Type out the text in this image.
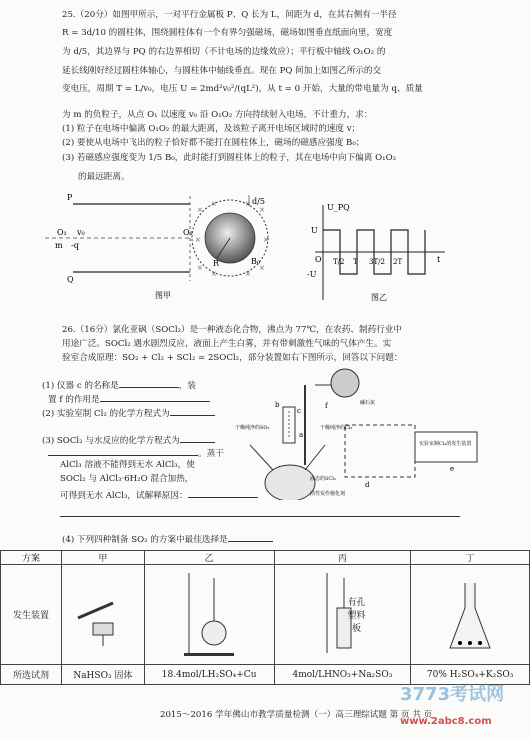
25.（20分）如图甲所示，一对平行金属板 P、Q 长为 L，间距为 d，在其右侧有一半径
R = 3d/10 的圆柱体，围绕圆柱体有一个有界匀强磁场，磁场如图垂直纸面向里，宽度
为 d/5，其边界与 PQ 的右边界相切（不计电场的边缘效应）；平行板中轴线 O₁O₂ 的
延长线刚好经过圆柱体轴心，与圆柱体中轴线垂直。现在 PQ 间加上如图乙所示的交
变电压，周期 T = L/v₀，电压 U = 2md²v₀²/(qL²)，从 t = 0 开始，大量的带电量为 q、质量
为 m 的负粒子，从点 O₁ 以速度 v₀ 沿 O₁O₂ 方向持续射入电场，不计重力，求：
(1) 粒子在电场中偏离 O₁O₂ 的最大距离，及该粒子离开电场区域时的速度 v；
(2) 要使从电场中飞出的粒子恰好都不能打在圆柱体上，磁场的磁感应强度 B₀；
(3) 若磁感应强度变为 1/5 B₀，此时能打到圆柱体上的粒子，其在电场中向下偏离 O₁O₂
的最远距离。
×
×	×
×
×	×
×
×	×
×
P
O₁ v₀
m -q
O₂
d/5
R	B₀
Q
图甲
U_PQ
U
-U
t
O T/2 T 3T/2 2T
图乙
26.（16分）氯化亚砜（SOCl₂）是一种液态化合物，沸点为 77℃，在农药、制药行业中
用途广泛。SOCl₂ 遇水剧烈反应，液面上产生白雾，并有带刺激性气味的气体产生。实
验室合成原理：SO₂ + Cl₂ + SCl₂ = 2SOCl₂，部分装置如右下图所示，回答以下问题：
(1) 仪器 c 的名称是	，装
置 f 的作用是
(2) 实验室制 Cl₂ 的化学方程式为
(3) SOCl₂ 与水反应的化学方程式为
。蒸干
AlCl₃ 溶液不能得到无水 AlCl₃，使
SOCl₂ 与 AlCl₃·6H₂O 混合加热，
可得到无水 AlCl₃，试解释原因：
f	碱石灰
b
c
干燥纯净的SO₂	干燥纯净的Cl₂
a
d
e
液态的SCl₂
活性炭作催化剂
实验室制Cl₂的发生装置
(4) 下列四种制备 SO₂ 的方案中最佳选择是
方案	甲	乙	丙	丁
发生装置			有孔塑料板

所选试剂	NaHSO₃ 固体	18.4mol/LH₂SO₄+Cu	4mol/LHNO₃+Na₂SO₃	70% H₂SO₄+K₂SO₃
2015～2016 学年佛山市教学质量检测（一）高三理综试题 第 页 共 页
3773考试网
www.2abc8.com
